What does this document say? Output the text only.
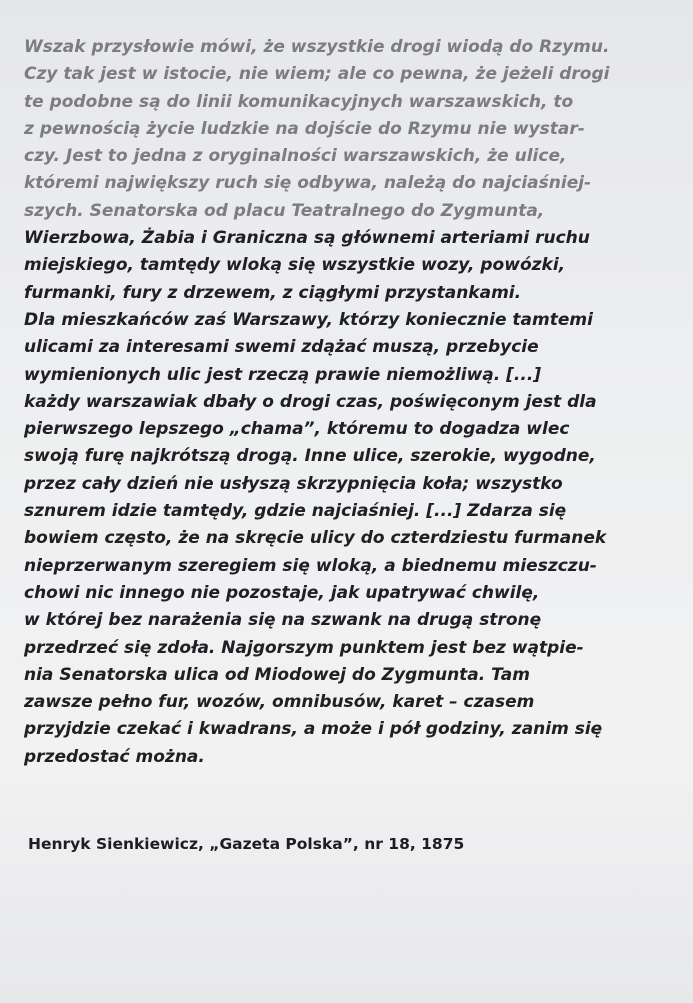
Wszak przysłowie mówi, że wszystkie drogi wiodą do Rzymu.
Czy tak jest w istocie, nie wiem; ale co pewna, że jeżeli drogi
te podobne są do linii komunikacyjnych warszawskich, to
z pewnością życie ludzkie na dojście do Rzymu nie wystar-
czy. Jest to jedna z oryginalności warszawskich, że ulice,
któremi największy ruch się odbywa, należą do najciaśniej-
szych. Senatorska od placu Teatralnego do Zygmunta,
Wierzbowa, Żabia i Graniczna są głównemi arteriami ruchu
miejskiego, tamtędy wloką się wszystkie wozy, powózki,
furmanki, fury z drzewem, z ciągłymi przystankami.
Dla mieszkańców zaś Warszawy, którzy koniecznie tamtemi
ulicami za interesami swemi zdążać muszą, przebycie
wymienionych ulic jest rzeczą prawie niemożliwą. [...]
każdy warszawiak dbały o drogi czas, poświęconym jest dla
pierwszego lepszego „chama”, któremu to dogadza wlec
swoją furę najkrótszą drogą. Inne ulice, szerokie, wygodne,
przez cały dzień nie usłyszą skrzypnięcia koła; wszystko
sznurem idzie tamtędy, gdzie najciaśniej. [...] Zdarza się
bowiem często, że na skręcie ulicy do czterdziestu furmanek
nieprzerwanym szeregiem się wloką, a biednemu mieszczu-
chowi nic innego nie pozostaje, jak upatrywać chwilę,
w której bez narażenia się na szwank na drugą stronę
przedrzeć się zdoła. Najgorszym punktem jest bez wątpie-
nia Senatorska ulica od Miodowej do Zygmunta. Tam
zawsze pełno fur, wozów, omnibusów, karet – czasem
przyjdzie czekać i kwadrans, a może i pół godziny, zanim się
przedostać można.

Henryk Sienkiewicz, „Gazeta Polska”, nr 18, 1875
